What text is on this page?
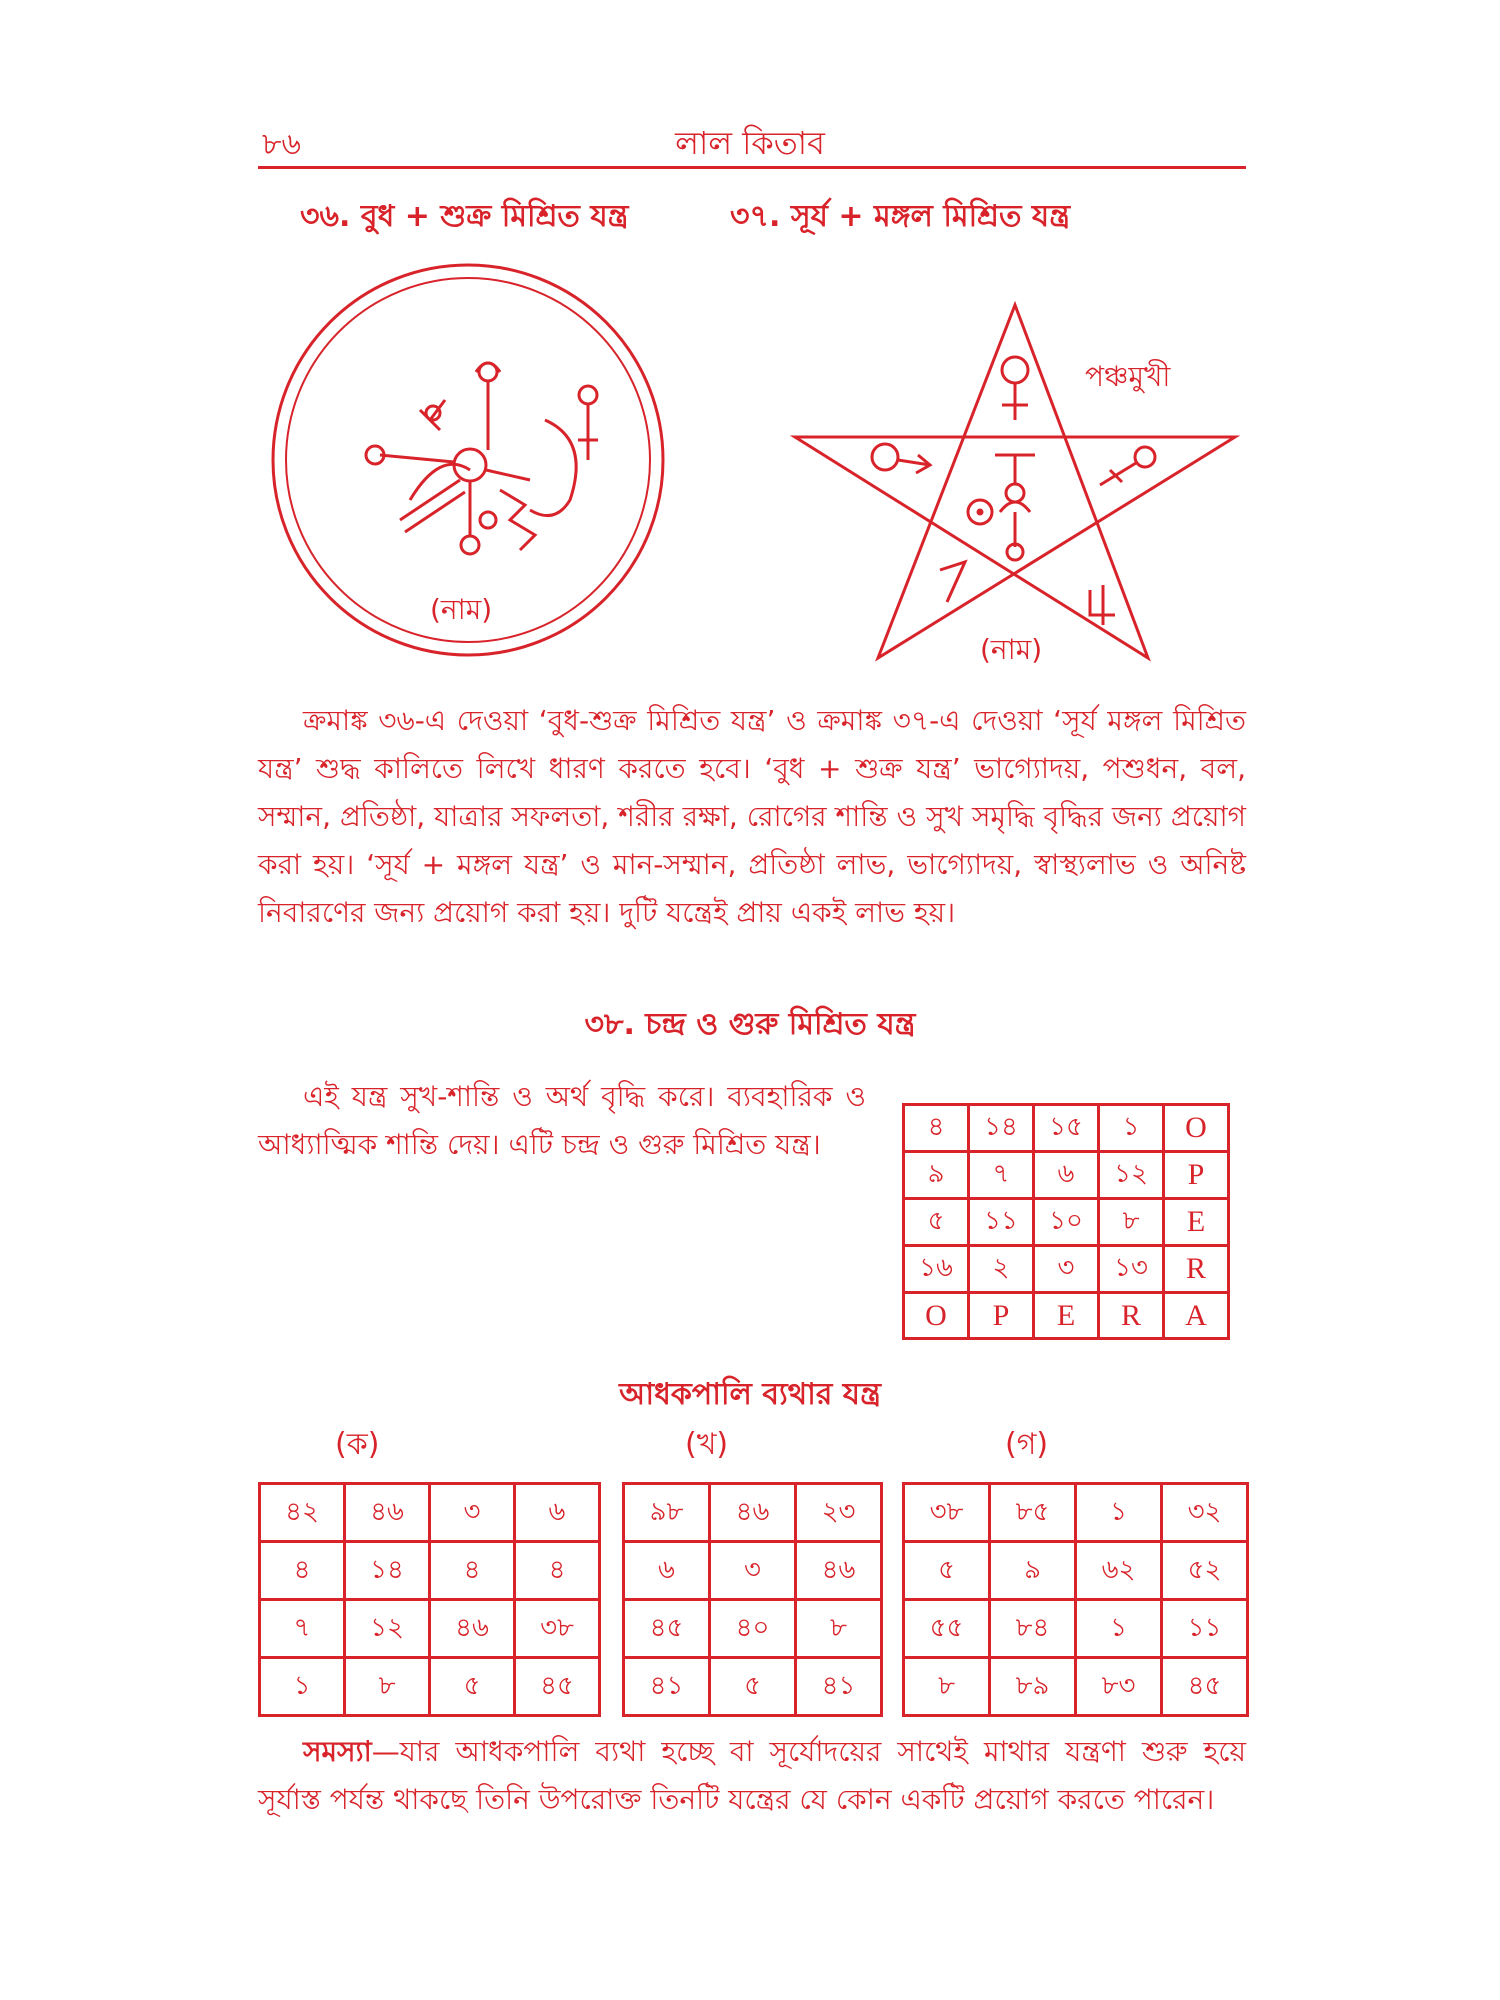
৮৬	লাল কিতাব
৩৬. বুধ + শুক্র মিশ্রিত যন্ত্র	৩৭. সূর্য + মঙ্গল মিশ্রিত যন্ত্র
(নাম)
(নাম)
পঞ্চমুখী

ক্রমাঙ্ক ৩৬-এ দেওয়া ‘বুধ-শুক্র মিশ্রিত যন্ত্র’ ও ক্রমাঙ্ক ৩৭-এ দেওয়া ‘সূর্য মঙ্গল মিশ্রিত যন্ত্র’ শুদ্ধ কালিতে লিখে ধারণ করতে হবে। ‘বুধ + শুক্র যন্ত্র’ ভাগ্যোদয়, পশুধন, বল, সম্মান, প্রতিষ্ঠা, যাত্রার সফলতা, শরীর রক্ষা, রোগের শান্তি ও সুখ সমৃদ্ধি বৃদ্ধির জন্য প্রয়োগ করা হয়। ‘সূর্য + মঙ্গল যন্ত্র’ ও মান-সম্মান, প্রতিষ্ঠা লাভ, ভাগ্যোদয়, স্বাস্থ্যলাভ ও অনিষ্ট নিবারণের জন্য প্রয়োগ করা হয়। দুটি যন্ত্রেই প্রায় একই লাভ হয়।

৩৮. চন্দ্র ও গুরু মিশ্রিত যন্ত্র

এই যন্ত্র সুখ-শান্তি ও অর্থ বৃদ্ধি করে। ব্যবহারিক ও আধ্যাত্মিক শান্তি দেয়। এটি চন্দ্র ও গুরু মিশ্রিত যন্ত্র।

৪	১৪	১৫	১	O
৯	৭	৬	১২	P
৫	১১	১০	৮	E
১৬	২	৩	১৩	R
O	P	E	R	A
আধকপালি ব্যথার যন্ত্র
(ক)	(খ)	(গ)
৪২	৪৬	৩	৬
৪	১৪	৪	৪
৭	১২	৪৬	৩৮
১	৮	৫	৪৫
৯৮	৪৬	২৩
৬	৩	৪৬
৪৫	৪০	৮
৪১	৫	৪১
৩৮	৮৫	১	৩২
৫	৯	৬২	৫২
৫৫	৮৪	১	১১
৮	৮৯	৮৩	৪৫

সমস্যা—যার আধকপালি ব্যথা হচ্ছে বা সূর্যোদয়ের সাথেই মাথার যন্ত্রণা শুরু হয়ে সূর্যাস্ত পর্যন্ত থাকছে তিনি উপরোক্ত তিনটি যন্ত্রের যে কোন একটি প্রয়োগ করতে পারেন।
